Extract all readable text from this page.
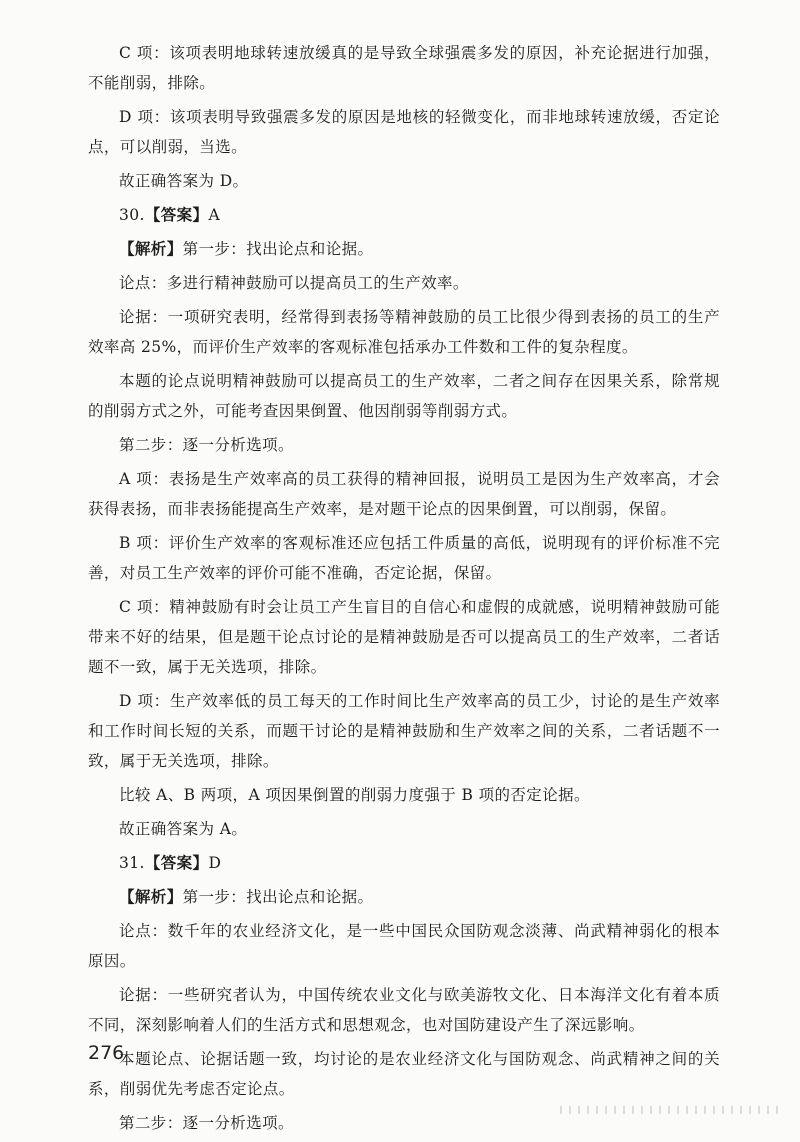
C 项：该项表明地球转速放缓真的是导致全球强震多发的原因，补充论据进行加强，不能削弱，排除。

D 项：该项表明导致强震多发的原因是地核的轻微变化，而非地球转速放缓，否定论点，可以削弱，当选。

故正确答案为 D。

30.【答案】A

【解析】第一步：找出论点和论据。

论点：多进行精神鼓励可以提高员工的生产效率。

论据：一项研究表明，经常得到表扬等精神鼓励的员工比很少得到表扬的员工的生产效率高 25%，而评价生产效率的客观标准包括承办工件数和工件的复杂程度。

本题的论点说明精神鼓励可以提高员工的生产效率，二者之间存在因果关系，除常规的削弱方式之外，可能考查因果倒置、他因削弱等削弱方式。

第二步：逐一分析选项。

A 项：表扬是生产效率高的员工获得的精神回报，说明员工是因为生产效率高，才会获得表扬，而非表扬能提高生产效率，是对题干论点的因果倒置，可以削弱，保留。

B 项：评价生产效率的客观标准还应包括工件质量的高低，说明现有的评价标准不完善，对员工生产效率的评价可能不准确，否定论据，保留。

C 项：精神鼓励有时会让员工产生盲目的自信心和虚假的成就感，说明精神鼓励可能带来不好的结果，但是题干论点讨论的是精神鼓励是否可以提高员工的生产效率，二者话题不一致，属于无关选项，排除。

D 项：生产效率低的员工每天的工作时间比生产效率高的员工少，讨论的是生产效率和工作时间长短的关系，而题干讨论的是精神鼓励和生产效率之间的关系，二者话题不一致，属于无关选项，排除。

比较 A、B 两项，A 项因果倒置的削弱力度强于 B 项的否定论据。

故正确答案为 A。

31.【答案】D

【解析】第一步：找出论点和论据。

论点：数千年的农业经济文化，是一些中国民众国防观念淡薄、尚武精神弱化的根本原因。

论据：一些研究者认为，中国传统农业文化与欧美游牧文化、日本海洋文化有着本质不同，深刻影响着人们的生活方式和思想观念，也对国防建设产生了深远影响。

本题论点、论据话题一致，均讨论的是农业经济文化与国防观念、尚武精神之间的关系，削弱优先考虑否定论点。

第二步：逐一分析选项。

276
